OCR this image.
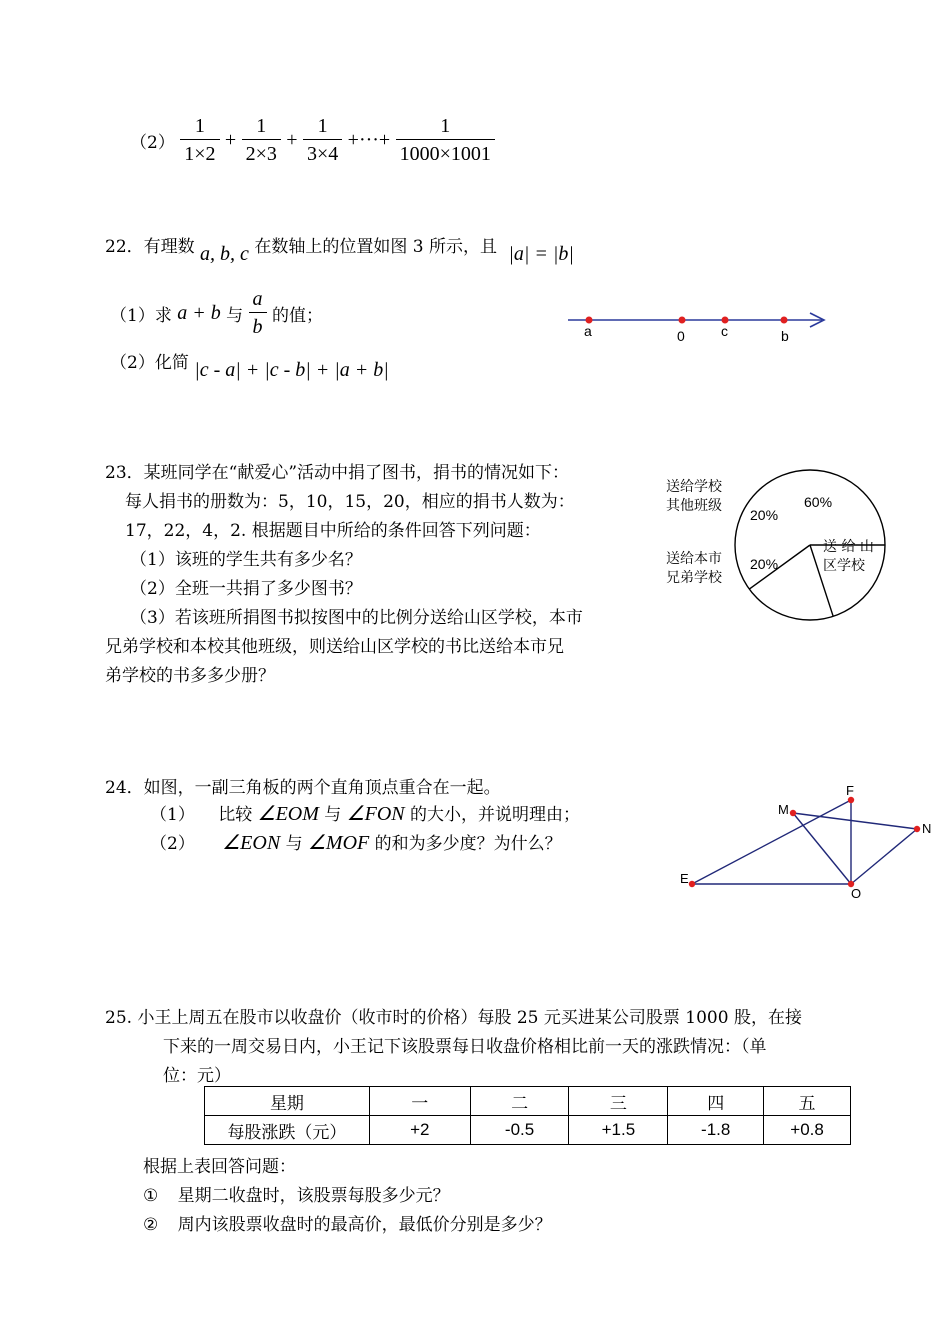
$(2) \frac{1}{1\times 2} + \frac{1}{2\times 3} + \frac{1}{3\times 4}$ +···+ $\frac{1}{1000\times 1001}$
22．有理数 a, b, c 在数轴上的位置如图 3 所示，且 |a| = |b|
（1）求 a + b 与 $\frac{a}{b}$ 的值；
（2）化简 |c - a| + |c - b| + |a + b|
a	0	c	b
23．某班同学在“献爱心”活动中捐了图书，捐书的情况如下：
每人捐书的册数为：5，10，15，20，相应的捐书人数为：
17，22，4，2. 根据题目中所给的条件回答下列问题：
（1）该班的学生共有多少名？
（2）全班一共捐了多少图书？
（3）若该班所捐图书拟按图中的比例分送给山区学校，本市
兄弟学校和本校其他班级，则送给山区学校的书比送给本市兄
弟学校的书多多少册？
送给学校
其他班级
送给本市
兄弟学校
送 给 山
区学校
60%
20%
20%
24．如图，一副三角板的两个直角顶点重合在一起。
（1） 比较 ∠EOM 与 ∠FON 的大小，并说明理由；
（2） ∠EON 与 ∠MOF 的和为多少度？为什么？
M
F
N
E
O
25. 小王上周五在股市以收盘价（收市时的价格）每股 25 元买进某公司股票 1000 股，在接
下来的一周交易日内，小王记下该股票每日收盘价格相比前一天的涨跌情况：（单
位：元）
星期	一	二	三	四	五
每股涨跌（元）	+2	-0.5	+1.5	-1.8	+0.8
根据上表回答问题：
① 星期二收盘时，该股票每股多少元？
② 周内该股票收盘时的最高价，最低价分别是多少？
